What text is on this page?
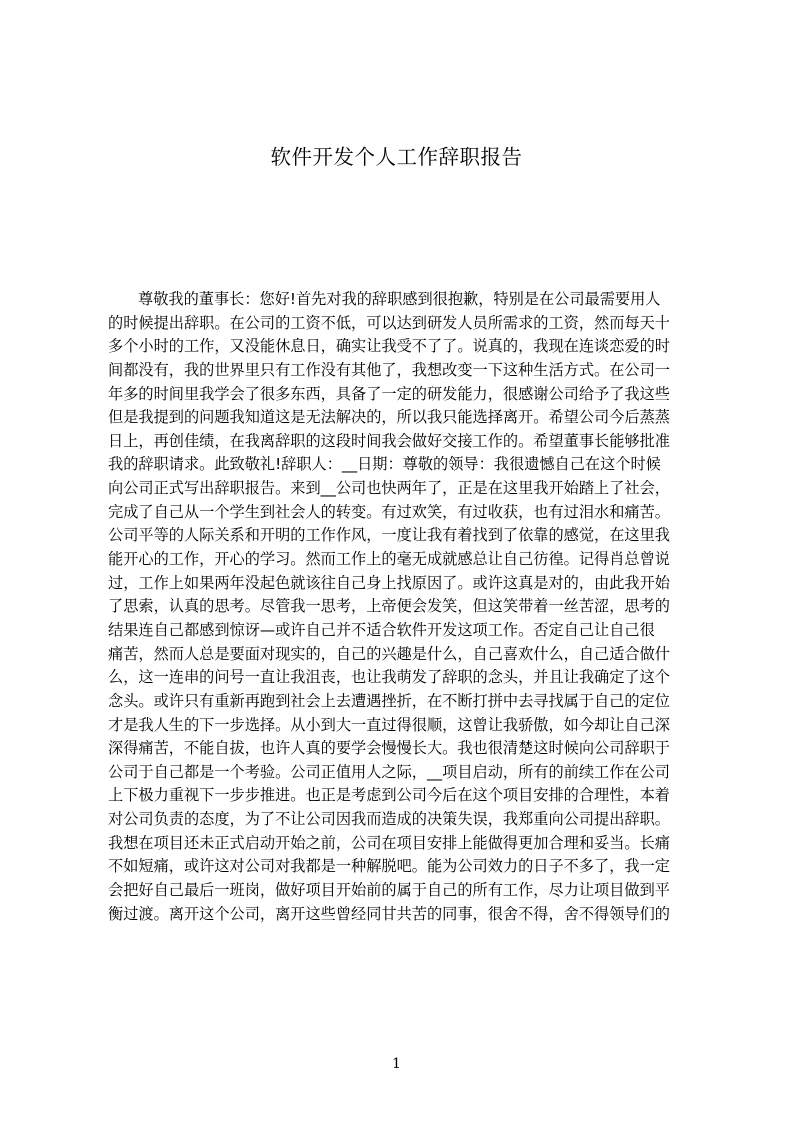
软件开发个人工作辞职报告
尊敬我的董事长：您好!首先对我的辞职感到很抱歉，特别是在公司最需要用人
的时候提出辞职。在公司的工资不低，可以达到研发人员所需求的工资，然而每天十
多个小时的工作，又没能休息日，确实让我受不了了。说真的，我现在连谈恋爱的时
间都没有，我的世界里只有工作没有其他了，我想改变一下这种生活方式。在公司一
年多的时间里我学会了很多东西，具备了一定的研发能力，很感谢公司给予了我这些
但是我提到的问题我知道这是无法解决的，所以我只能选择离开。希望公司今后蒸蒸
日上，再创佳绩，在我离辞职的这段时间我会做好交接工作的。希望董事长能够批准
我的辞职请求。此致敬礼!辞职人：__日期：尊敬的领导：我很遗憾自己在这个时候
向公司正式写出辞职报告。来到__公司也快两年了，正是在这里我开始踏上了社会，
完成了自己从一个学生到社会人的转变。有过欢笑，有过收获，也有过泪水和痛苦。
公司平等的人际关系和开明的工作作风，一度让我有着找到了依靠的感觉，在这里我
能开心的工作，开心的学习。然而工作上的毫无成就感总让自己彷徨。记得肖总曾说
过，工作上如果两年没起色就该往自己身上找原因了。或许这真是对的，由此我开始
了思索，认真的思考。尽管我一思考，上帝便会发笑，但这笑带着一丝苦涩，思考的
结果连自己都感到惊讶—或许自己并不适合软件开发这项工作。否定自己让自己很
痛苦，然而人总是要面对现实的，自己的兴趣是什么，自己喜欢什么，自己适合做什
么，这一连串的问号一直让我沮丧，也让我萌发了辞职的念头，并且让我确定了这个
念头。或许只有重新再跑到社会上去遭遇挫折，在不断打拼中去寻找属于自己的定位
才是我人生的下一步选择。从小到大一直过得很顺，这曾让我骄傲，如今却让自己深
深得痛苦，不能自拔，也许人真的要学会慢慢长大。我也很清楚这时候向公司辞职于
公司于自己都是一个考验。公司正值用人之际，__项目启动，所有的前续工作在公司
上下极力重视下一步步推进。也正是考虑到公司今后在这个项目安排的合理性，本着
对公司负责的态度，为了不让公司因我而造成的决策失误，我郑重向公司提出辞职。
我想在项目还未正式启动开始之前，公司在项目安排上能做得更加合理和妥当。长痛
不如短痛，或许这对公司对我都是一种解脱吧。能为公司效力的日子不多了，我一定
会把好自己最后一班岗，做好项目开始前的属于自己的所有工作，尽力让项目做到平
衡过渡。离开这个公司，离开这些曾经同甘共苦的同事，很舍不得，舍不得领导们的
1
